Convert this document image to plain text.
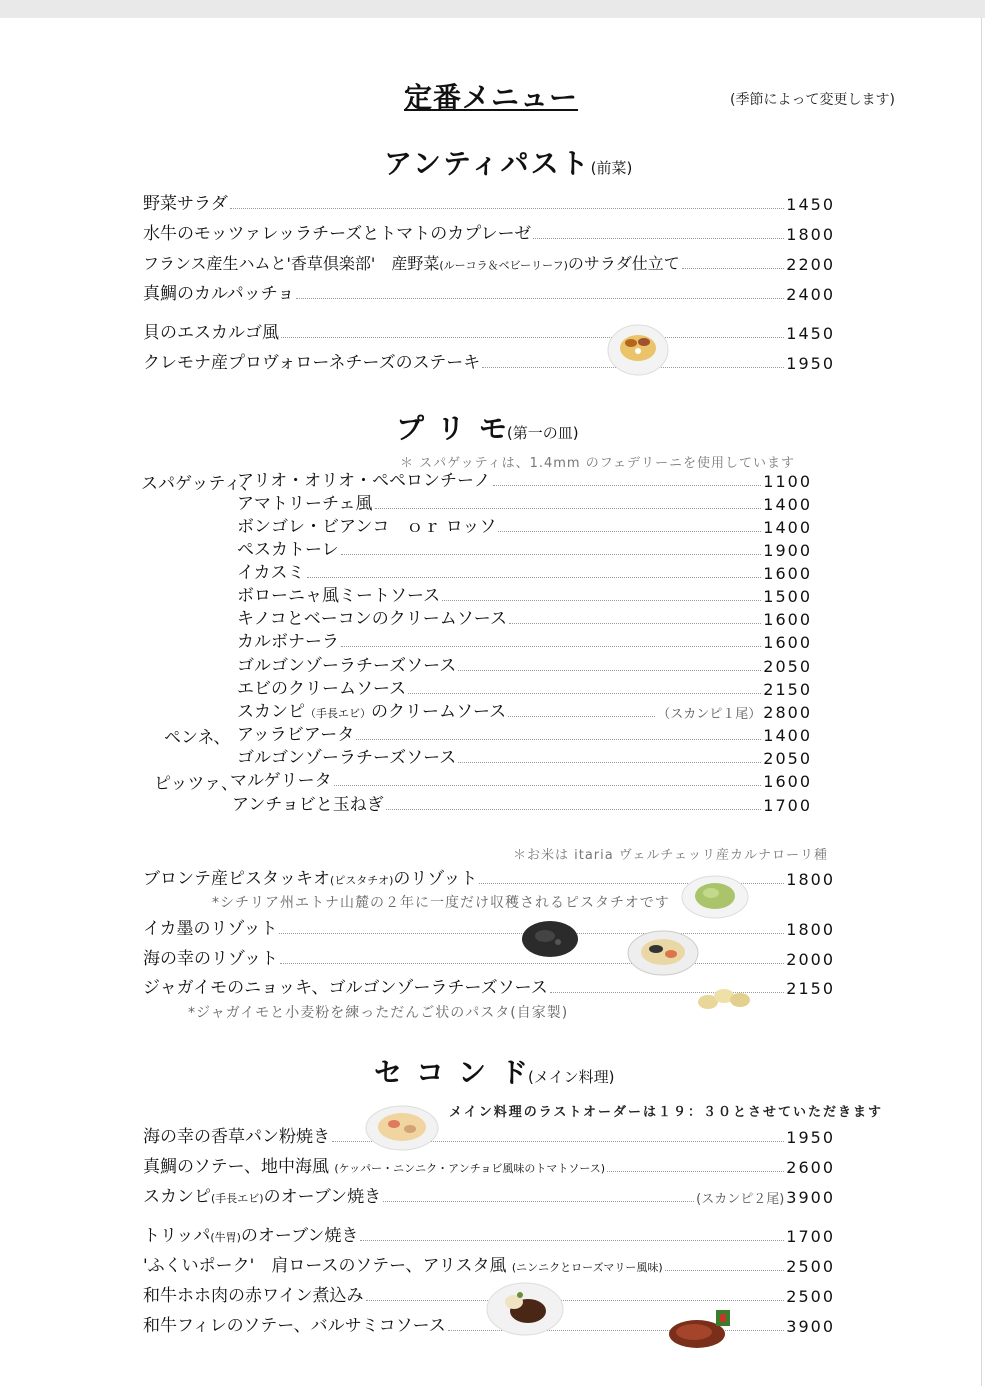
定番メニュー	(季節によって変更します)
アンティパスト(前菜)
野菜サラダ	1450
水牛のモッツァレッラチーズとトマトのカプレーゼ	1800
フランス産生ハムと'香草倶楽部'　産野菜(ルーコラ＆ベビーリーフ)のサラダ仕立て	2200
真鯛のカルパッチョ	2400
貝のエスカルゴ風	1450
クレモナ産プロヴォローネチーズのステーキ	1950
プリモ(第一の皿)
＊ スパゲッティは、1.4mm のフェデリーニを使用しています
スパゲッティ、
アリオ・オリオ・ペペロンチーノ	1100
アマトリーチェ風	1400
ボンゴレ・ビアンコ　ｏｒ ロッソ	1400
ペスカトーレ	1900
イカスミ	1600
ボローニャ風ミートソース	1500
キノコとベーコンのクリームソース	1600
カルボナーラ	1600
ゴルゴンゾーラチーズソース	2050
エビのクリームソース	2150
スカンピ（手長エビ）のクリームソース	（スカンピ１尾） 2800
ペンネ、 アッラビアータ	1400
ゴルゴンゾーラチーズソース	2050
ピッツァ、
マルゲリータ	1600
アンチョビと玉ねぎ	1700
＊お米は itaria ヴェルチェッリ産カルナローリ種
ブロンテ産ピスタッキオ(ピスタチオ)のリゾット	1800
*シチリア州エトナ山麓の２年に一度だけ収穫されるピスタチオです
イカ墨のリゾット	1800
海の幸のリゾット	2000
ジャガイモのニョッキ、ゴルゴンゾーラチーズソース	2150
*ジャガイモと小麦粉を練っただんご状のパスタ(自家製)
セコンド(メイン料理)
メイン料理のラストオーダーは１９：３０とさせていただきます
海の幸の香草パン粉焼き	1950
真鯛のソテー、地中海風 (ケッパー・ニンニク・アンチョビ風味のトマトソース)	2600
スカンピ(手長エビ)のオーブン焼き	(スカンピ２尾) 3900
トリッパ(牛胃)のオーブン焼き	1700
'ふくいポーク'　肩ロースのソテー、アリスタ風 (ニンニクとローズマリー風味)	2500
和牛ホホ肉の赤ワイン煮込み	2500
和牛フィレのソテー、バルサミコソース	3900
